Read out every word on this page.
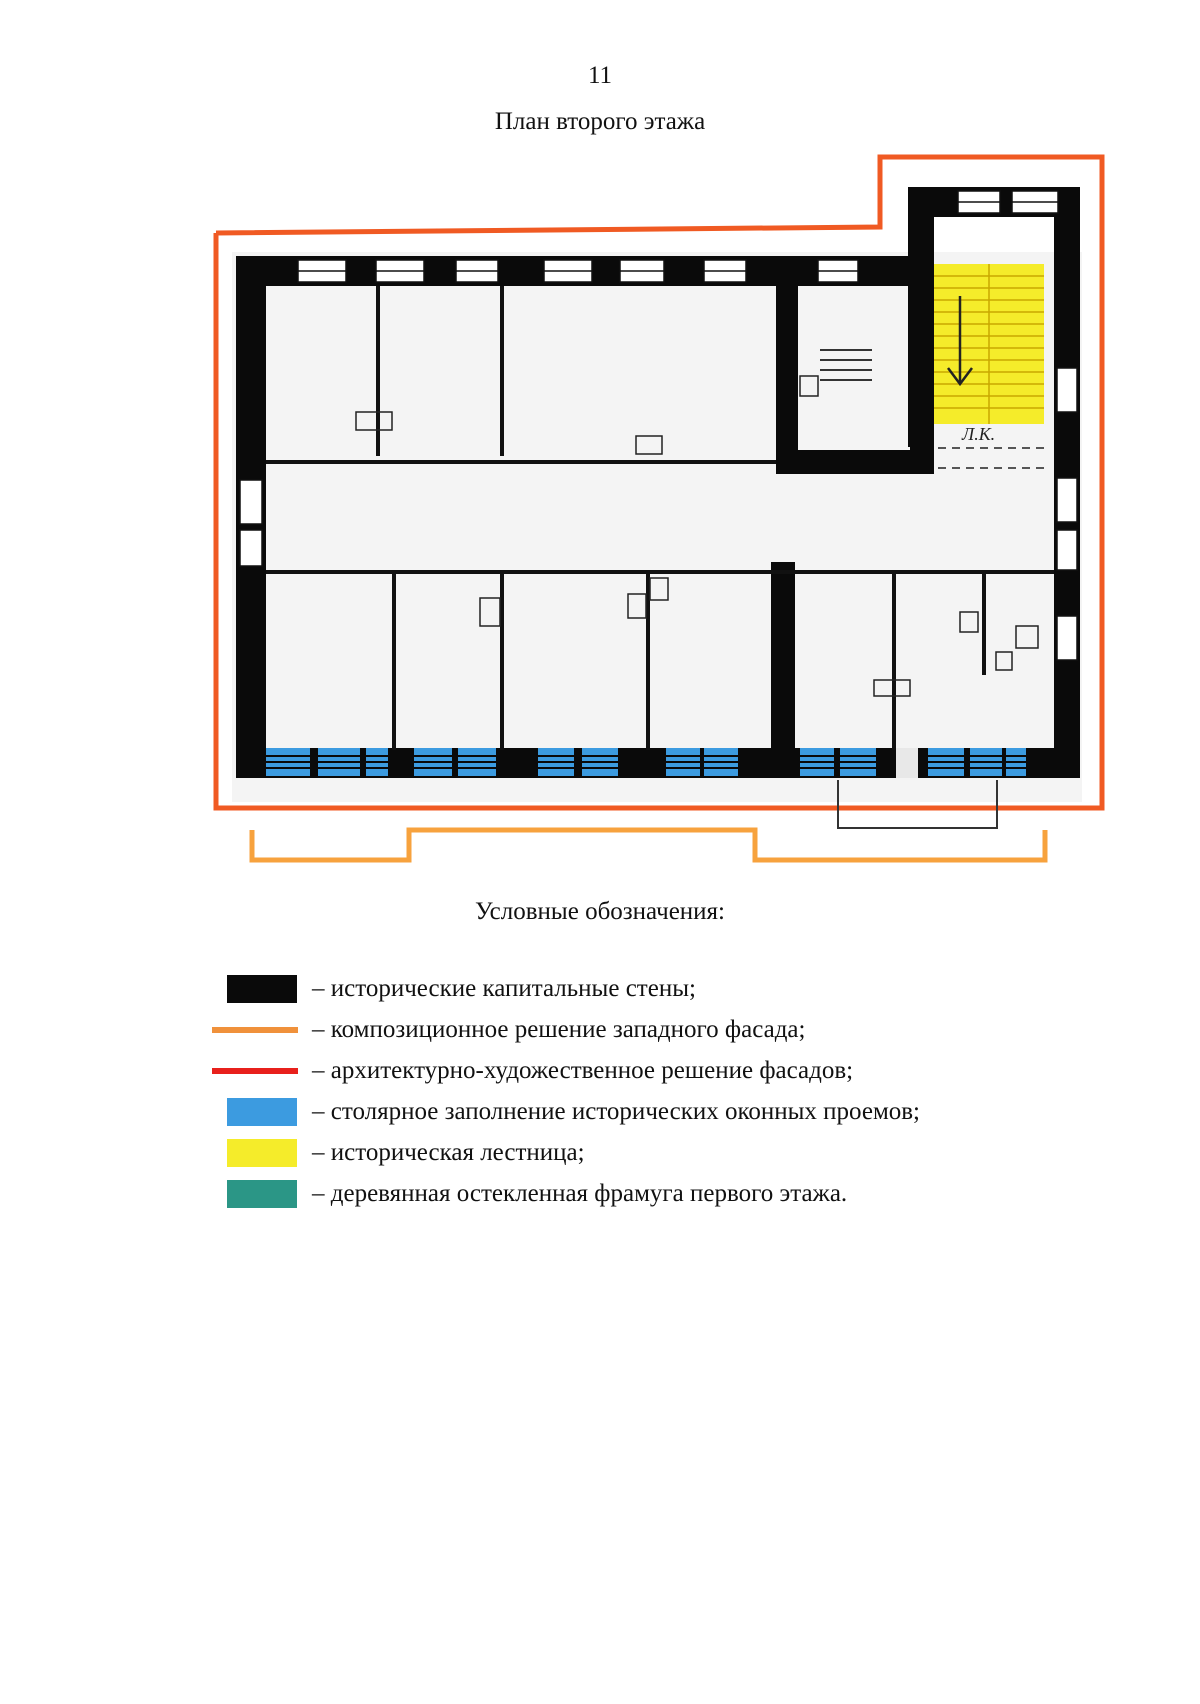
11
План второго этажа
Л.К.
Условные обозначения:
– исторические капитальные стены;
– композиционное решение западного фасада;
– архитектурно-художественное решение фасадов;
– столярное заполнение исторических оконных проемов;
– историческая лестница;
– деревянная остекленная фрамуга первого этажа.
